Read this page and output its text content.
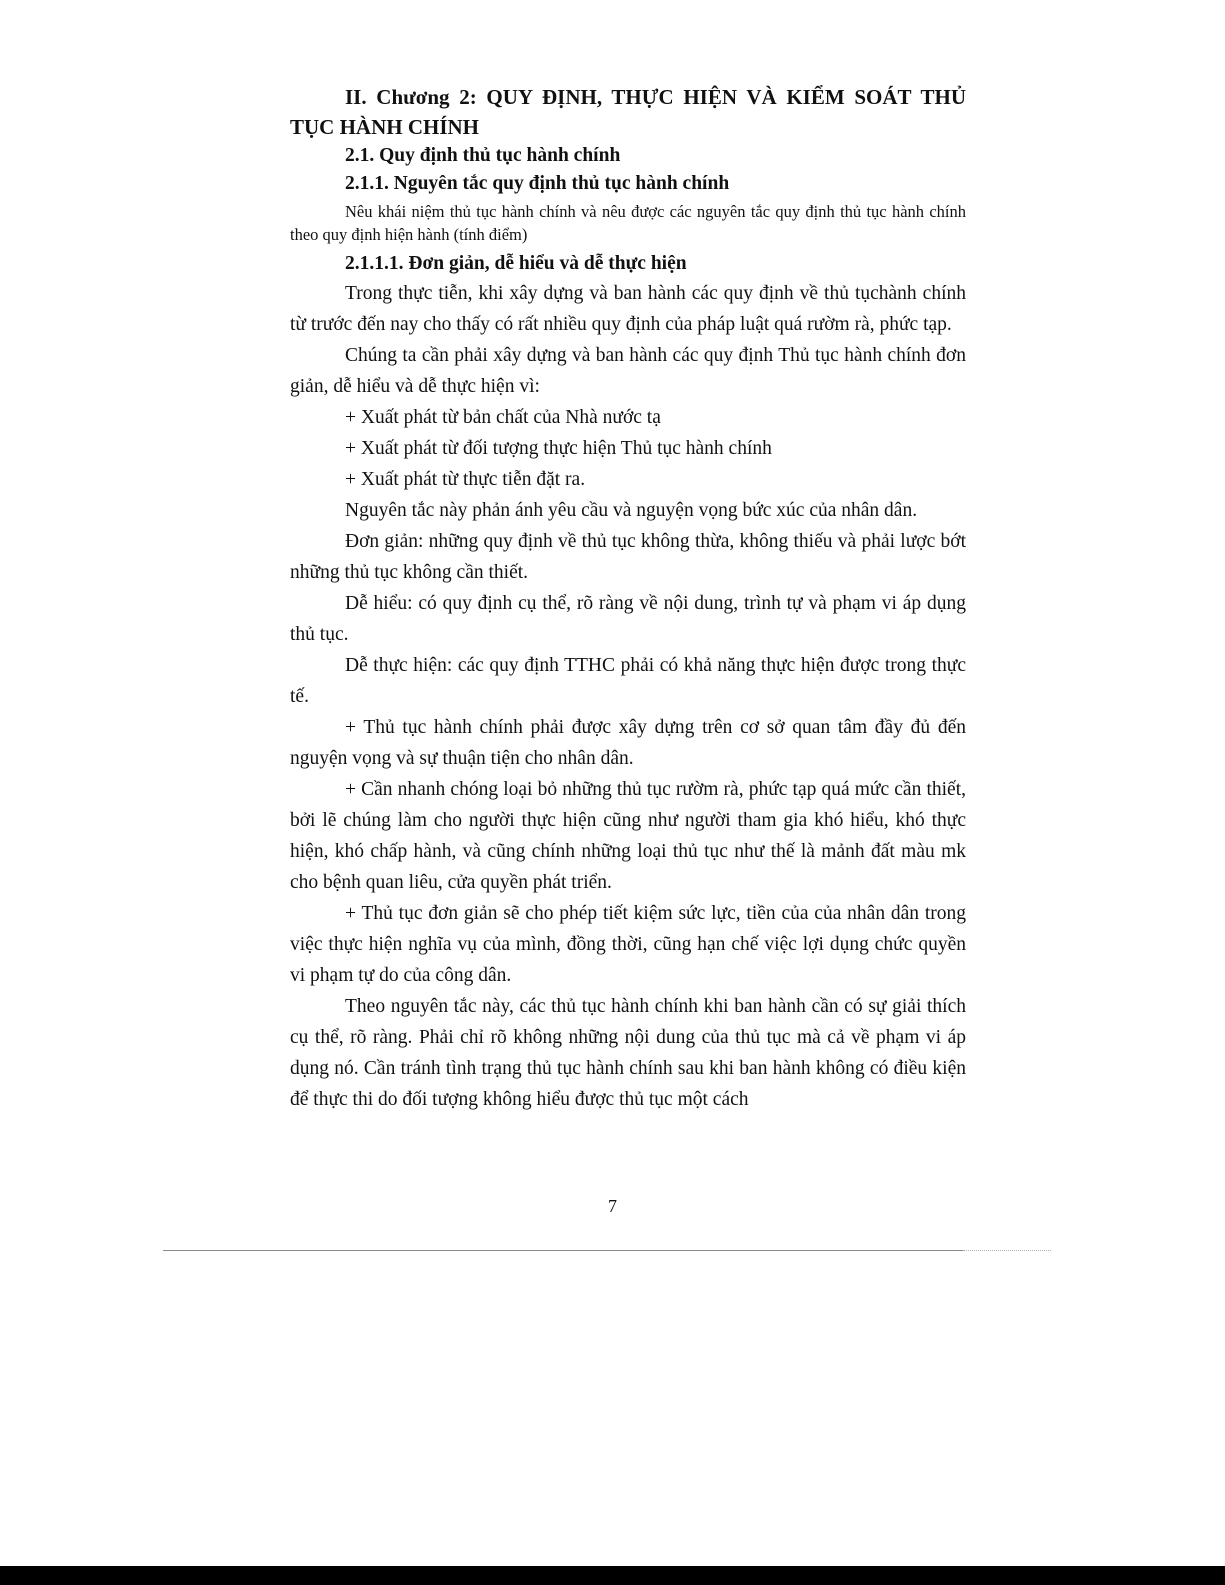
II. Chương 2: QUY ĐỊNH, THỰC HIỆN VÀ KIỂM SOÁT THỦ TỤC HÀNH CHÍNH

2.1. Quy định thủ tục hành chính

2.1.1. Nguyên tắc quy định thủ tục hành chính

Nêu khái niệm thủ tục hành chính và nêu được các nguyên tắc quy định thủ tục hành chính theo quy định hiện hành (tính điểm)

2.1.1.1. Đơn giản, dễ hiểu và dễ thực hiện

Trong thực tiễn, khi xây dựng và ban hành các quy định về thủ tụchành chính từ trước đến nay cho thấy có rất nhiều quy định của pháp luật quá rườm rà, phức tạp.

Chúng ta cần phải xây dựng và ban hành các quy định Thủ tục hành chính đơn giản, dễ hiểu và dễ thực hiện vì:

+ Xuất phát từ bản chất của Nhà nước tạ

+ Xuất phát từ đối tượng thực hiện Thủ tục hành chính

+ Xuất phát từ thực tiễn đặt ra.

Nguyên tắc này phản ánh yêu cầu và nguyện vọng bức xúc của nhân dân.

Đơn giản: những quy định về thủ tục không thừa, không thiếu và phải lược bớt những thủ tục không cần thiết.

Dễ hiểu: có quy định cụ thể, rõ ràng về nội dung, trình tự và phạm vi áp dụng thủ tục.

Dễ thực hiện: các quy định TTHC phải có khả năng thực hiện được trong thực tế.

+ Thủ tục hành chính phải được xây dựng trên cơ sở quan tâm đầy đủ đến nguyện vọng và sự thuận tiện cho nhân dân.

+ Cần nhanh chóng loại bỏ những thủ tục rườm rà, phức tạp quá mức cần thiết, bởi lẽ chúng làm cho người thực hiện cũng như người tham gia khó hiểu, khó thực hiện, khó chấp hành, và cũng chính những loại thủ tục như thế là mảnh đất màu mk cho bệnh quan liêu, cửa quyền phát triển.

+ Thủ tục đơn giản sẽ cho phép tiết kiệm sức lực, tiền của của nhân dân trong việc thực hiện nghĩa vụ của mình, đồng thời, cũng hạn chế việc lợi dụng chức quyền vi phạm tự do của công dân.

Theo nguyên tắc này, các thủ tục hành chính khi ban hành cần có sự giải thích cụ thể, rõ ràng. Phải chỉ rõ không những nội dung của thủ tục mà cả về phạm vi áp dụng nó. Cần tránh tình trạng thủ tục hành chính sau khi ban hành không có điều kiện để thực thi do đối tượng không hiểu được thủ tục một cách

7
